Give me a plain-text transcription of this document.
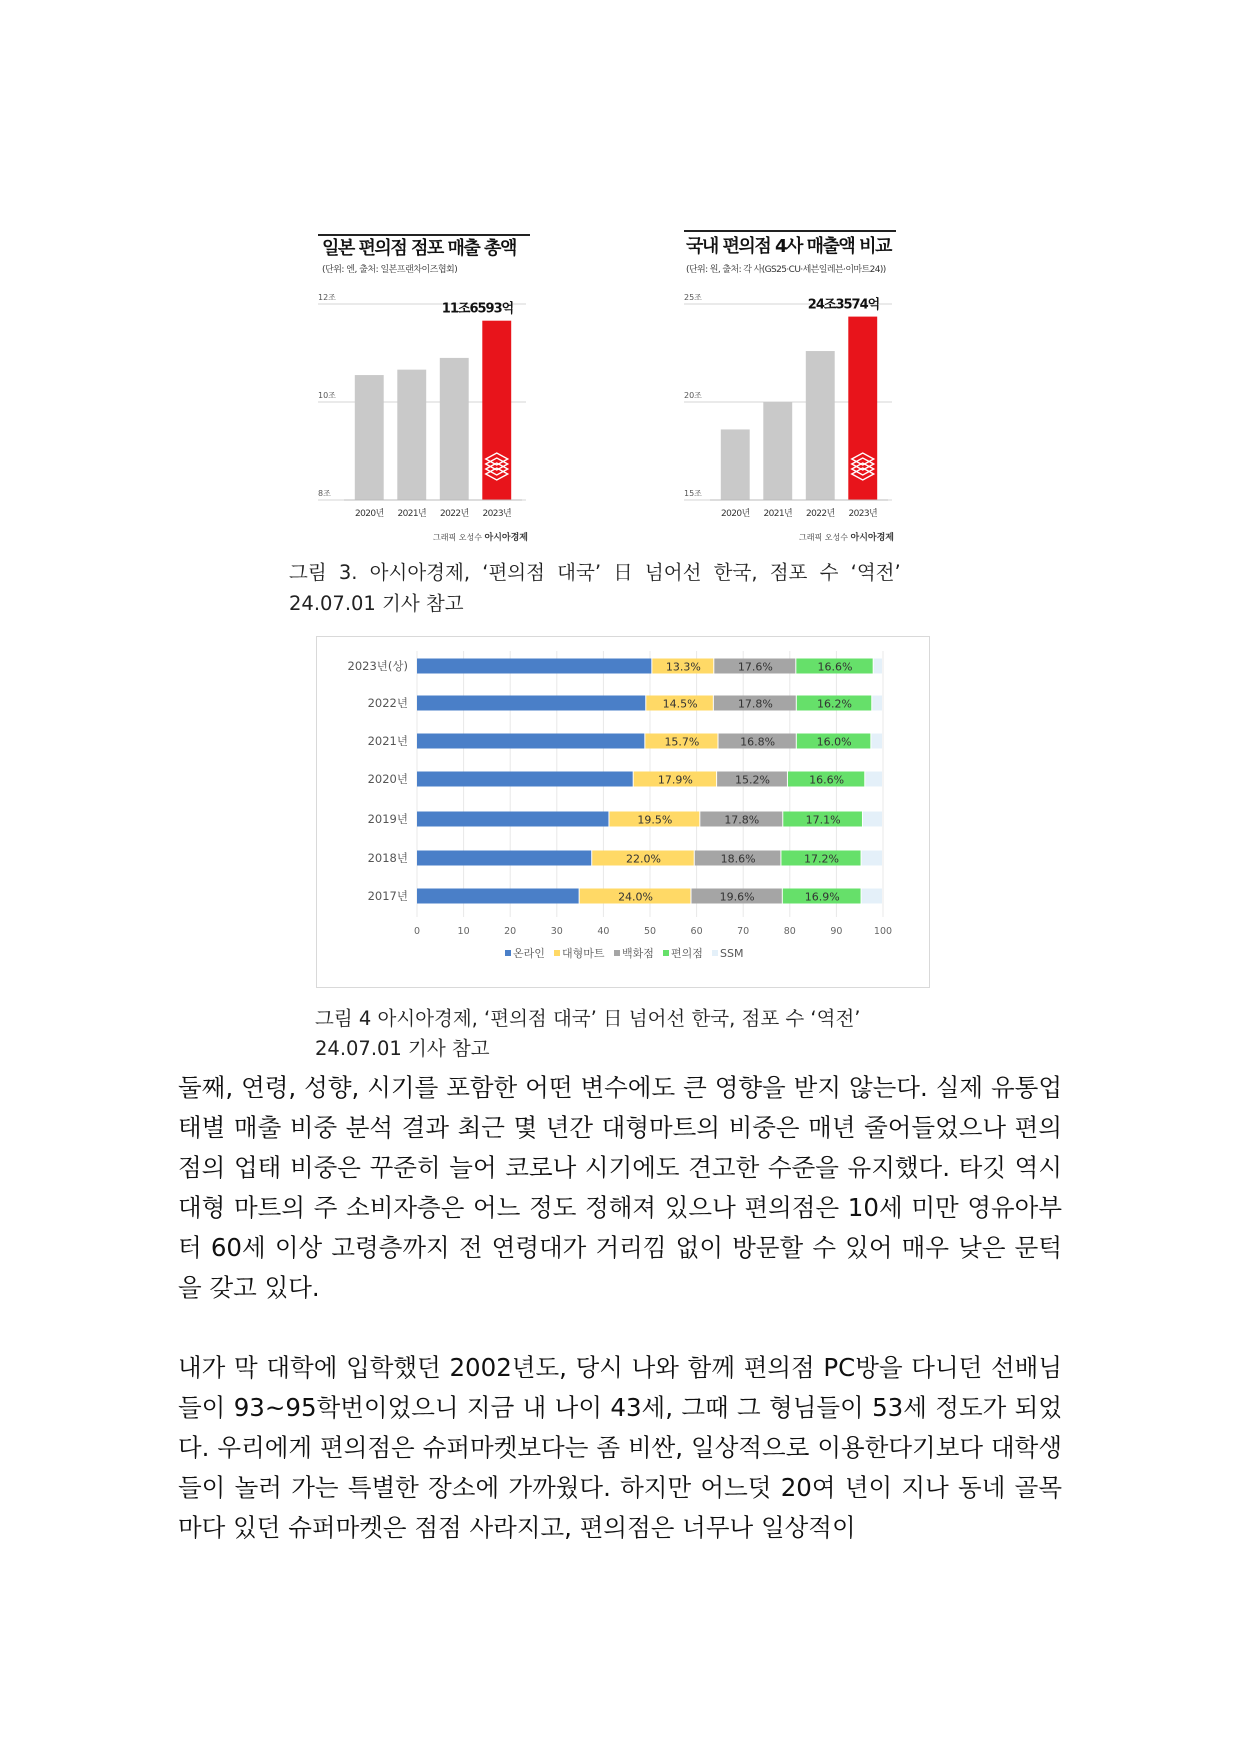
일본 편의점 점포 매출 총액
(단위: 엔, 출처: 일본프랜차이즈협회)
12조
10조
8조
2020년 2021년 2022년 2023년
11조6593억
그래픽 오성수 아시아경제
국내 편의점 4사 매출액 비교
(단위: 원, 출처: 각 사(GS25·CU·세븐일레븐·이마트24))
25조
20조
15조
2020년 2021년 2022년 2023년
24조3574억
그래픽 오성수 아시아경제
그림 3. 아시아경제, ‘편의점 대국’ 日 넘어선 한국, 점포 수 ‘역전’
24.07.01 기사 참고
0	10	20	30	40	50	60	70	80	90	100
2023년(상)	13.3%	17.6%	16.6%
2022년	14.5%	17.8%	16.2%
2021년	15.7%	16.8%	16.0%
2020년	17.9%	15.2%	16.6%
2019년	19.5%	17.8%	17.1%
2018년	22.0%	18.6%	17.2%
2017년	24.0%	19.6%	16.9%
온라인 대형마트 백화점 편의점 SSM
그림 4 아시아경제, ‘편의점 대국’ 日 넘어선 한국, 점포 수 ‘역전’
24.07.01 기사 참고

둘째, 연령, 성향, 시기를 포함한 어떤 변수에도 큰 영향을 받지 않는다. 실제 유통업태별 매출 비중 분석 결과 최근 몇 년간 대형마트의 비중은 매년 줄어들었으나 편의점의 업태 비중은 꾸준히 늘어 코로나 시기에도 견고한 수준을 유지했다. 타깃 역시 대형 마트의 주 소비자층은 어느 정도 정해져 있으나 편의점은 10세 미만 영유아부터 60세 이상 고령층까지 전 연령대가 거리낌 없이 방문할 수 있어 매우 낮은 문턱을 갖고 있다.

내가 막 대학에 입학했던 2002년도, 당시 나와 함께 편의점 PC방을 다니던 선배님들이 93~95학번이었으니 지금 내 나이 43세, 그때 그 형님들이 53세 정도가 되었다. 우리에게 편의점은 슈퍼마켓보다는 좀 비싼, 일상적으로 이용한다기보다 대학생들이 놀러 가는 특별한 장소에 가까웠다. 하지만 어느덧 20여 년이 지나 동네 골목마다 있던 슈퍼마켓은 점점 사라지고, 편의점은 너무나 일상적이
